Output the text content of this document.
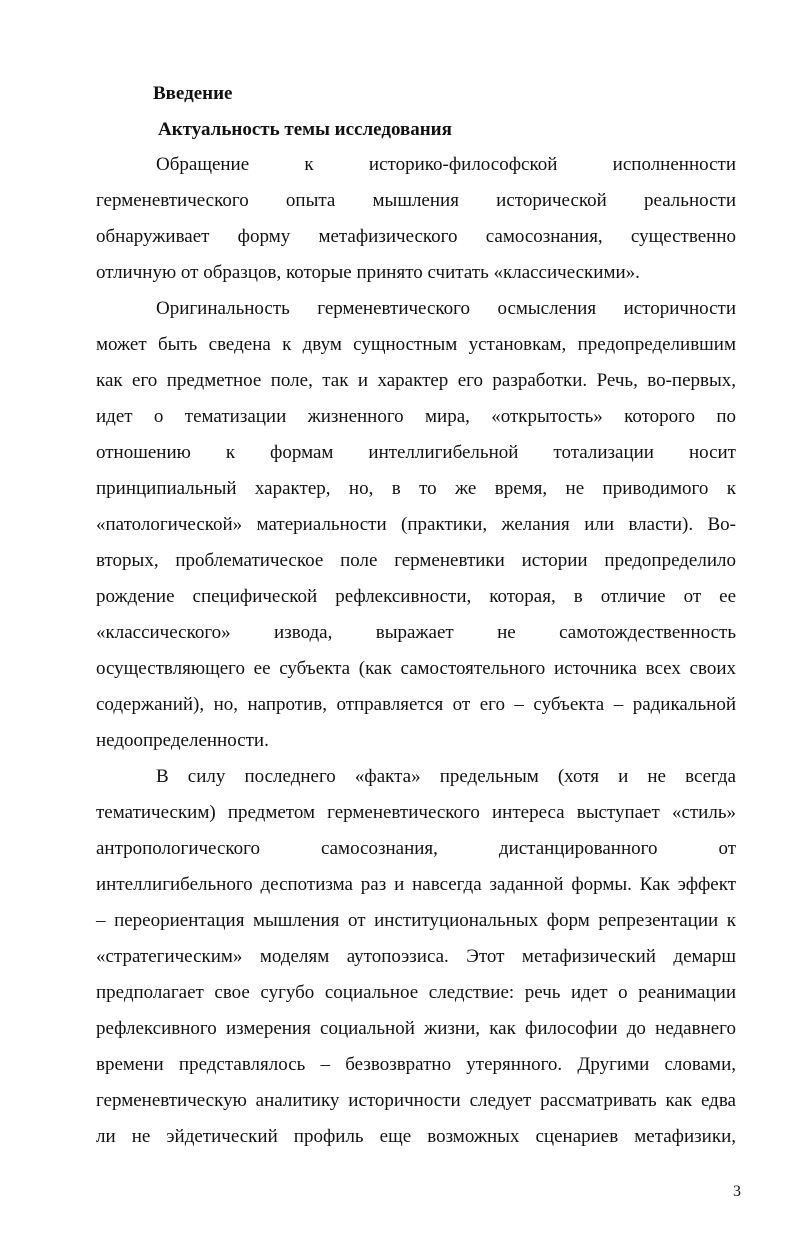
Введение
Актуальность темы исследования
Обращение к историко-философской исполненности
герменевтического опыта мышления исторической реальности
обнаруживает форму метафизического самосознания, существенно
отличную от образцов, которые принято считать «классическими».
Оригинальность герменевтического осмысления историчности
может быть сведена к двум сущностным установкам, предопределившим
как его предметное поле, так и характер его разработки. Речь, во-первых,
идет о тематизации жизненного мира, «открытость» которого по
отношению к формам интеллигибельной тотализации носит
принципиальный характер, но, в то же время, не приводимого к
«патологической» материальности (практики, желания или власти). Во-
вторых, проблематическое поле герменевтики истории предопределило
рождение специфической рефлексивности, которая, в отличие от ее
«классического» извода, выражает не самотождественность
осуществляющего ее субъекта (как самостоятельного источника всех своих
содержаний), но, напротив, отправляется от его – субъекта – радикальной
недоопределенности.
В силу последнего «факта» предельным (хотя и не всегда
тематическим) предметом герменевтического интереса выступает «стиль»
антропологического самосознания, дистанцированного от
интеллигибельного деспотизма раз и навсегда заданной формы. Как эффект
– переориентация мышления от институциональных форм репрезентации к
«стратегическим» моделям аутопоэзиса. Этот метафизический демарш
предполагает свое сугубо социальное следствие: речь идет о реанимации
рефлексивного измерения социальной жизни, как философии до недавнего
времени представлялось – безвозвратно утерянного. Другими словами,
герменевтическую аналитику историчности следует рассматривать как едва
ли не эйдетический профиль еще возможных сценариев метафизики,
3
